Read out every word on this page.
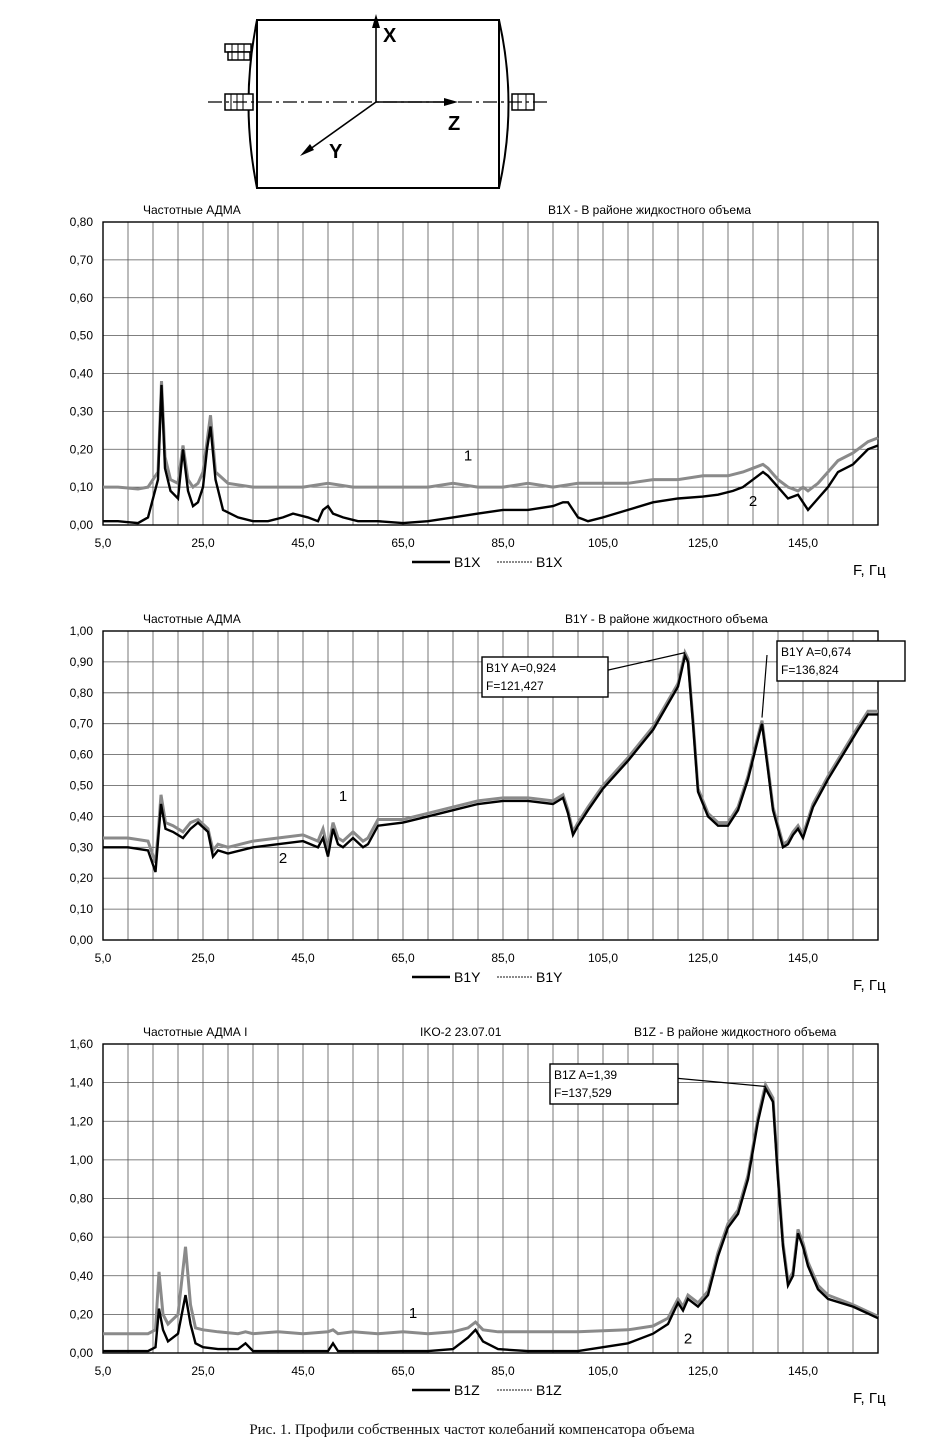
X
Y
Z
Частотные АДМА	B1X - В районе жидкостного объема
0,00
0,10
0,20
0,30
0,40
0,50
0,60
0,70
0,80
5,0	25,0	45,0	65,0	85,0	105,0	125,0	145,0
1
2
B1X	B1X	F, Гц
Частотные АДМА	B1Y - В районе жидкостного объема
0,00
0,10
0,20
0,30
0,40
0,50
0,60
0,70
0,80
0,90
1,00
5,0	25,0	45,0	65,0	85,0	105,0	125,0	145,0
1
2
B1Y A=0,924
F=121,427
B1Y A=0,674
F=136,824
B1Y	B1Y	F, Гц
Частотные АДМА I	IKO-2 23.07.01	B1Z - В районе жидкостного объема
0,00
0,20
0,40
0,60
0,80
1,00
1,20
1,40
1,60
5,0	25,0	45,0	65,0	85,0	105,0	125,0	145,0
1
2
B1Z A=1,39
F=137,529
B1Z	B1Z	F, Гц
Рис. 1. Профили собственных частот колебаний компенсатора объема
